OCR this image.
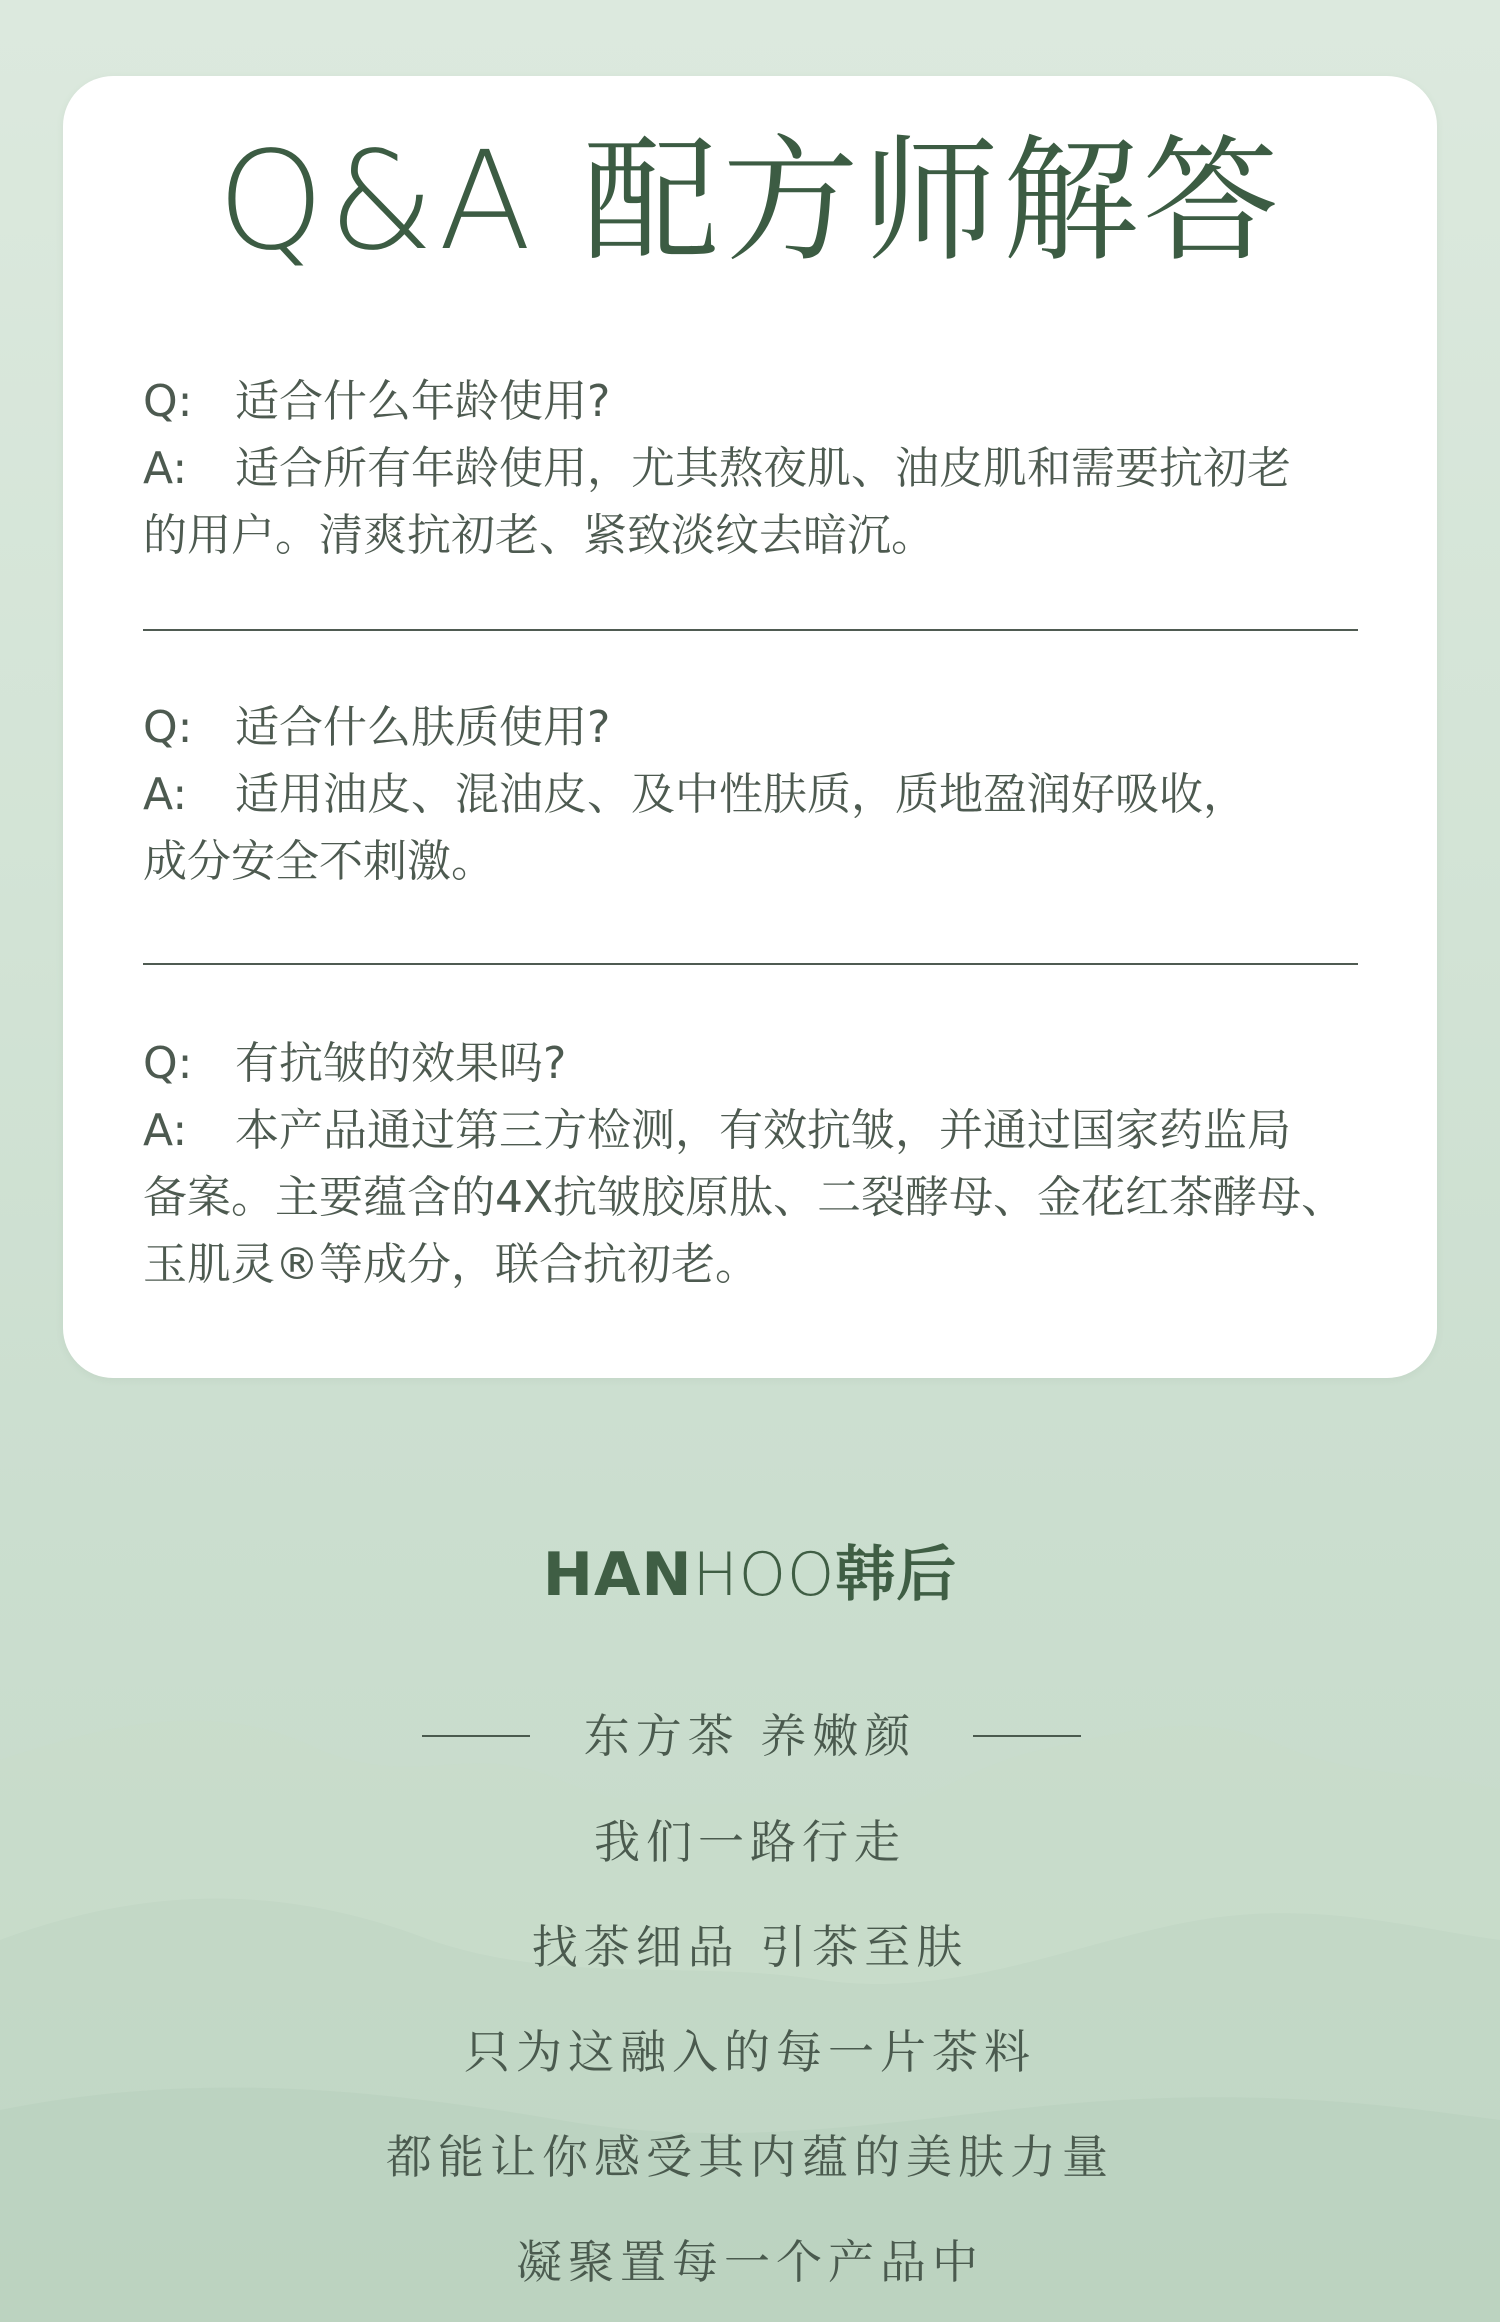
Q&A 配方师解答
Q: 适合什么年龄使用?
A: 适合所有年龄使用，尤其熬夜肌、油皮肌和需要抗初老
的用户。清爽抗初老、紧致淡纹去暗沉。
Q: 适合什么肤质使用?
A: 适用油皮、混油皮、及中性肤质，质地盈润好吸收，
成分安全不刺激。
Q: 有抗皱的效果吗?
A: 本产品通过第三方检测，有效抗皱，并通过国家药监局
备案。主要蕴含的4X抗皱胶原肽、二裂酵母、金花红茶酵母、
玉肌灵®等成分，联合抗初老。
HANHOO韩后
东方茶 养嫩颜
我们一路行走
找茶细品 引茶至肤
只为这融入的每一片茶料
都能让你感受其内蕴的美肤力量
凝聚置每一个产品中
